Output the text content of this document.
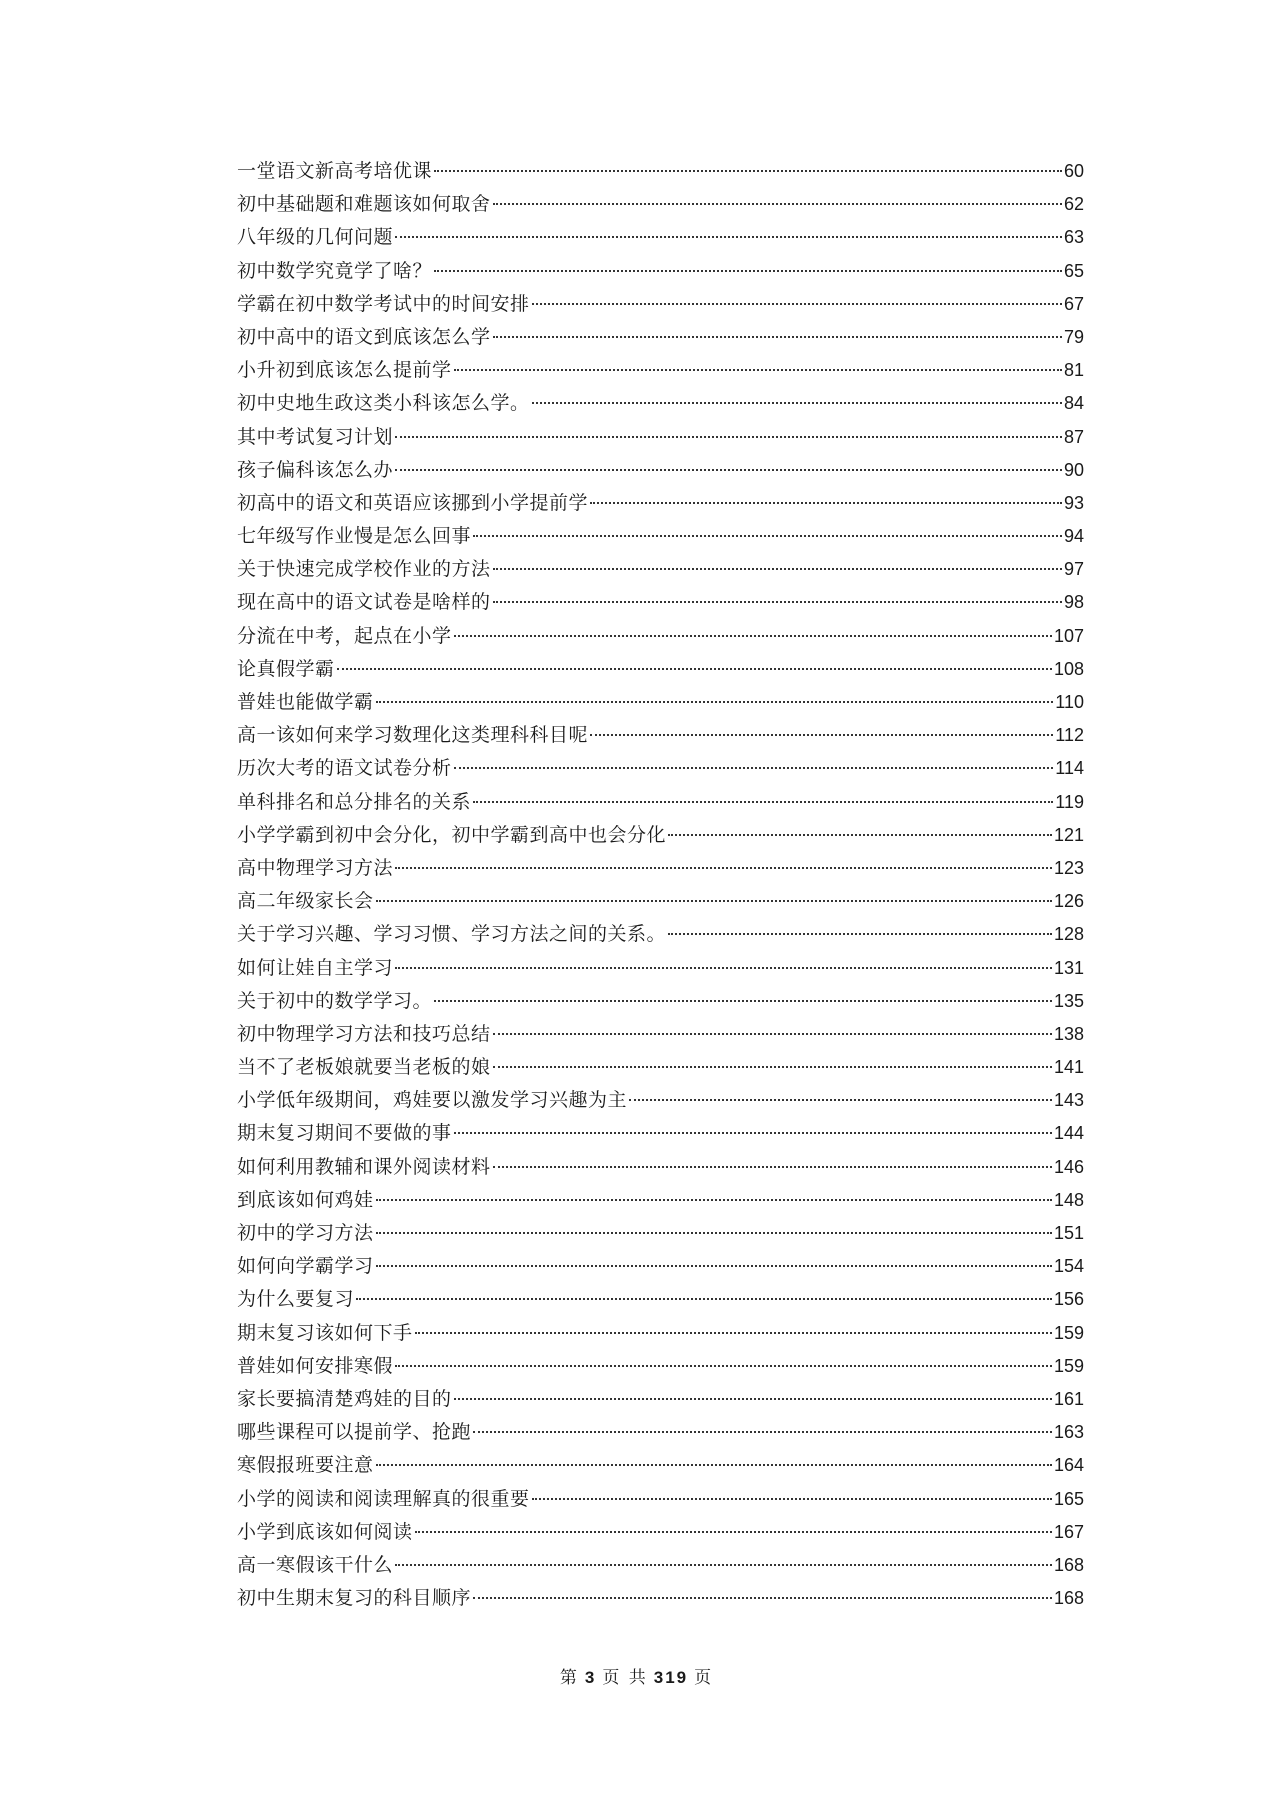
一堂语文新高考培优课	60
初中基础题和难题该如何取舍	62
八年级的几何问题	63
初中数学究竟学了啥？	65
学霸在初中数学考试中的时间安排	67
初中高中的语文到底该怎么学	79
小升初到底该怎么提前学	81
初中史地生政这类小科该怎么学。	84
其中考试复习计划	87
孩子偏科该怎么办	90
初高中的语文和英语应该挪到小学提前学	93
七年级写作业慢是怎么回事	94
关于快速完成学校作业的方法	97
现在高中的语文试卷是啥样的	98
分流在中考，起点在小学	107
论真假学霸	108
普娃也能做学霸	110
高一该如何来学习数理化这类理科科目呢	112
历次大考的语文试卷分析	114
单科排名和总分排名的关系	119
小学学霸到初中会分化，初中学霸到高中也会分化	121
高中物理学习方法	123
高二年级家长会	126
关于学习兴趣、学习习惯、学习方法之间的关系。	128
如何让娃自主学习	131
关于初中的数学学习。	135
初中物理学习方法和技巧总结	138
当不了老板娘就要当老板的娘	141
小学低年级期间，鸡娃要以激发学习兴趣为主	143
期末复习期间不要做的事	144
如何利用教辅和课外阅读材料	146
到底该如何鸡娃	148
初中的学习方法	151
如何向学霸学习	154
为什么要复习	156
期末复习该如何下手	159
普娃如何安排寒假	159
家长要搞清楚鸡娃的目的	161
哪些课程可以提前学、抢跑	163
寒假报班要注意	164
小学的阅读和阅读理解真的很重要	165
小学到底该如何阅读	167
高一寒假该干什么	168
初中生期末复习的科目顺序	168
第 3 页 共 319 页
